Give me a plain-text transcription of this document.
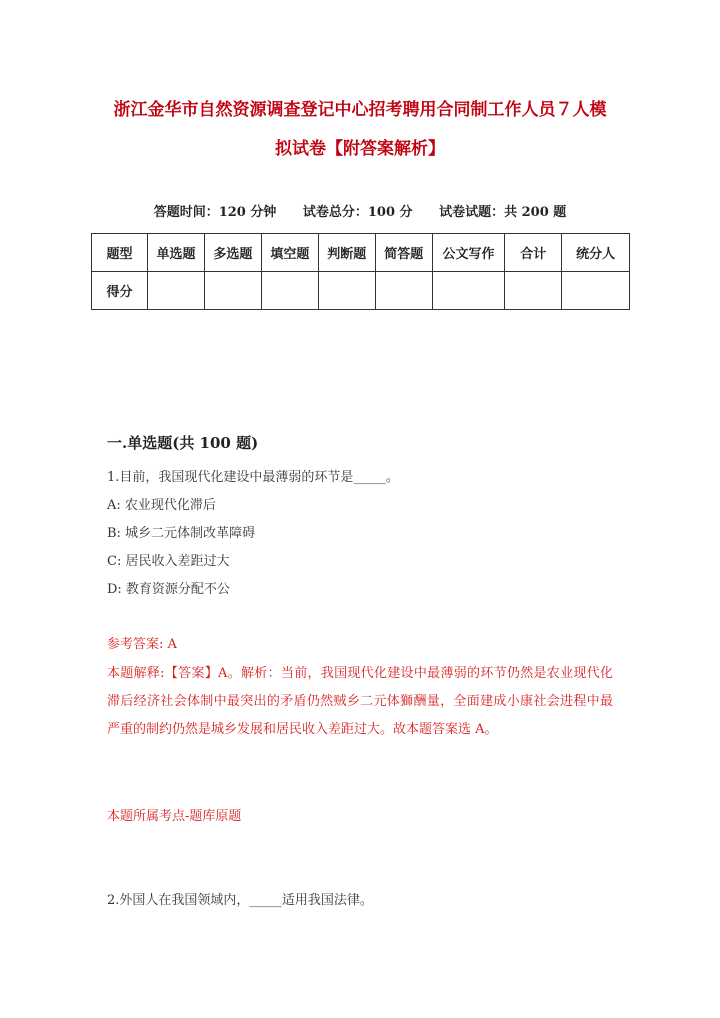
浙江金华市自然资源调查登记中心招考聘用合同制工作人员７人模
拟试卷【附答案解析】
答题时间：120 分钟 试卷总分：100 分 试卷试题：共 200 题
题型	单选题	多选题	填空题	判断题	简答题	公文写作	合计	统分人
得分								
一.单选题(共 100 题)
1.目前，我国现代化建设中最薄弱的环节是_____。
A: 农业现代化滞后
B: 城乡二元体制改革障碍
C: 居民收入差距过大
D: 教育资源分配不公
参考答案: A
本题解释:【答案】A。解析：当前，我国现代化建设中最薄弱的环节仍然是农业现代化滞后经济社会体制中最突出的矛盾仍然贼乡二元体獅酬量，全面建成小康社会进程中最严重的制约仍然是城乡发展和居民收入差距过大。故本题答案选 A。
本题所属考点-题库原题
2.外国人在我国领域内，_____适用我国法律。
